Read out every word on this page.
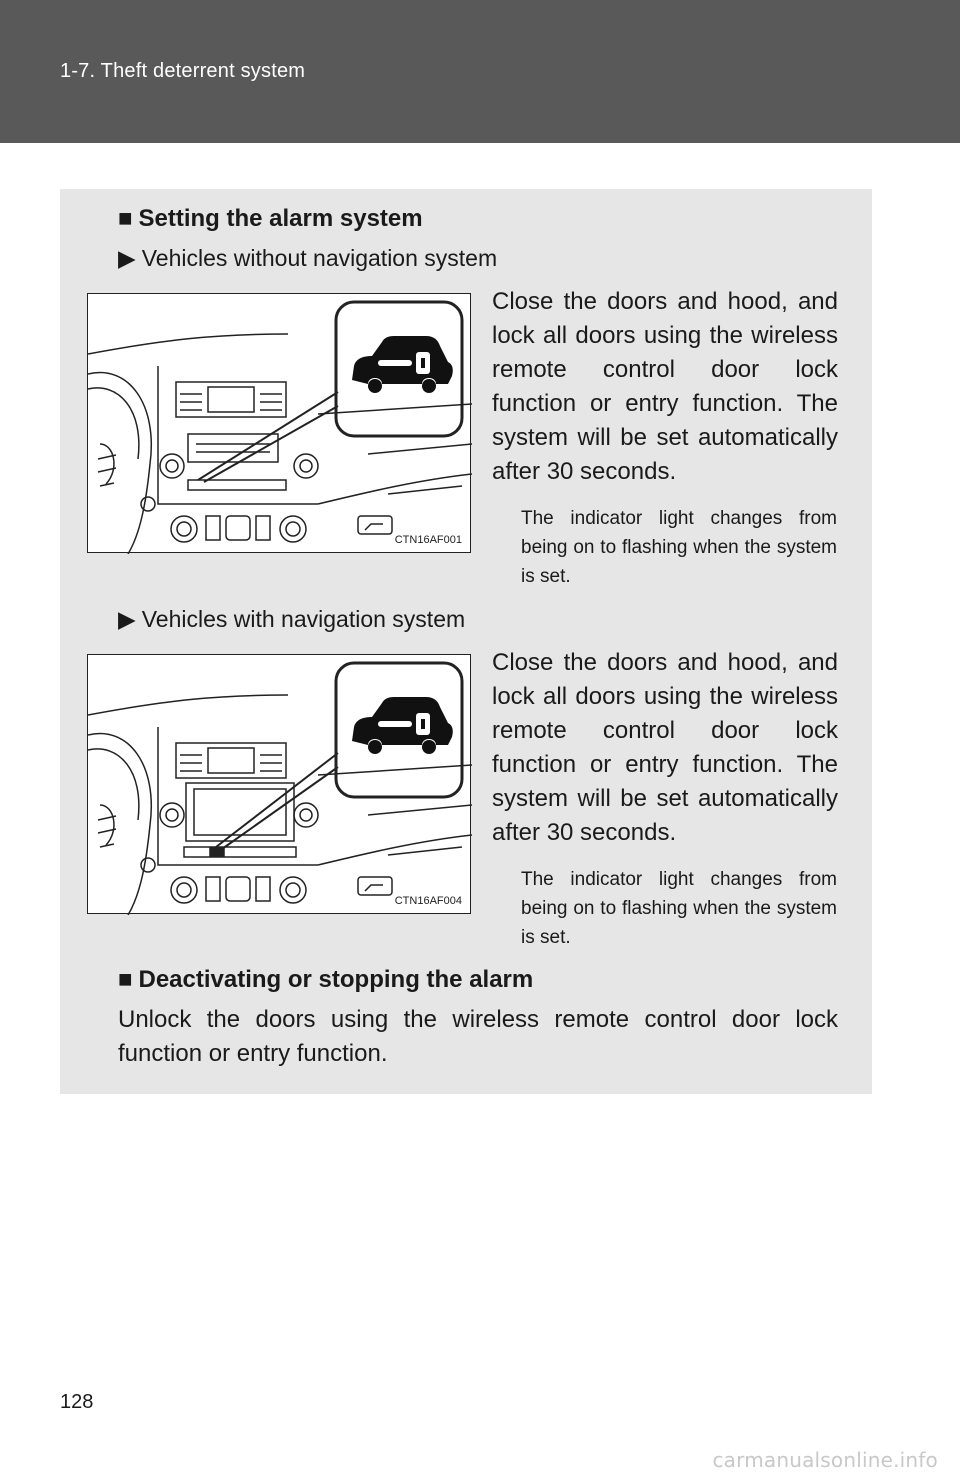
1-7. Theft deterrent system
■ Setting the alarm system
▶ Vehicles without navigation system
CTN16AF001
Close the doors and hood, and lock all doors using the wireless remote control door lock function or entry function. The system will be set automatically after 30 seconds.
The indicator light changes from being on to flashing when the system is set.
▶ Vehicles with navigation system
CTN16AF004
Close the doors and hood, and lock all doors using the wireless remote control door lock function or entry function. The system will be set automatically after 30 seconds.
The indicator light changes from being on to flashing when the system is set.
■ Deactivating or stopping the alarm
Unlock the doors using the wireless remote control door lock function or entry function.
128
carmanualsonline.info
